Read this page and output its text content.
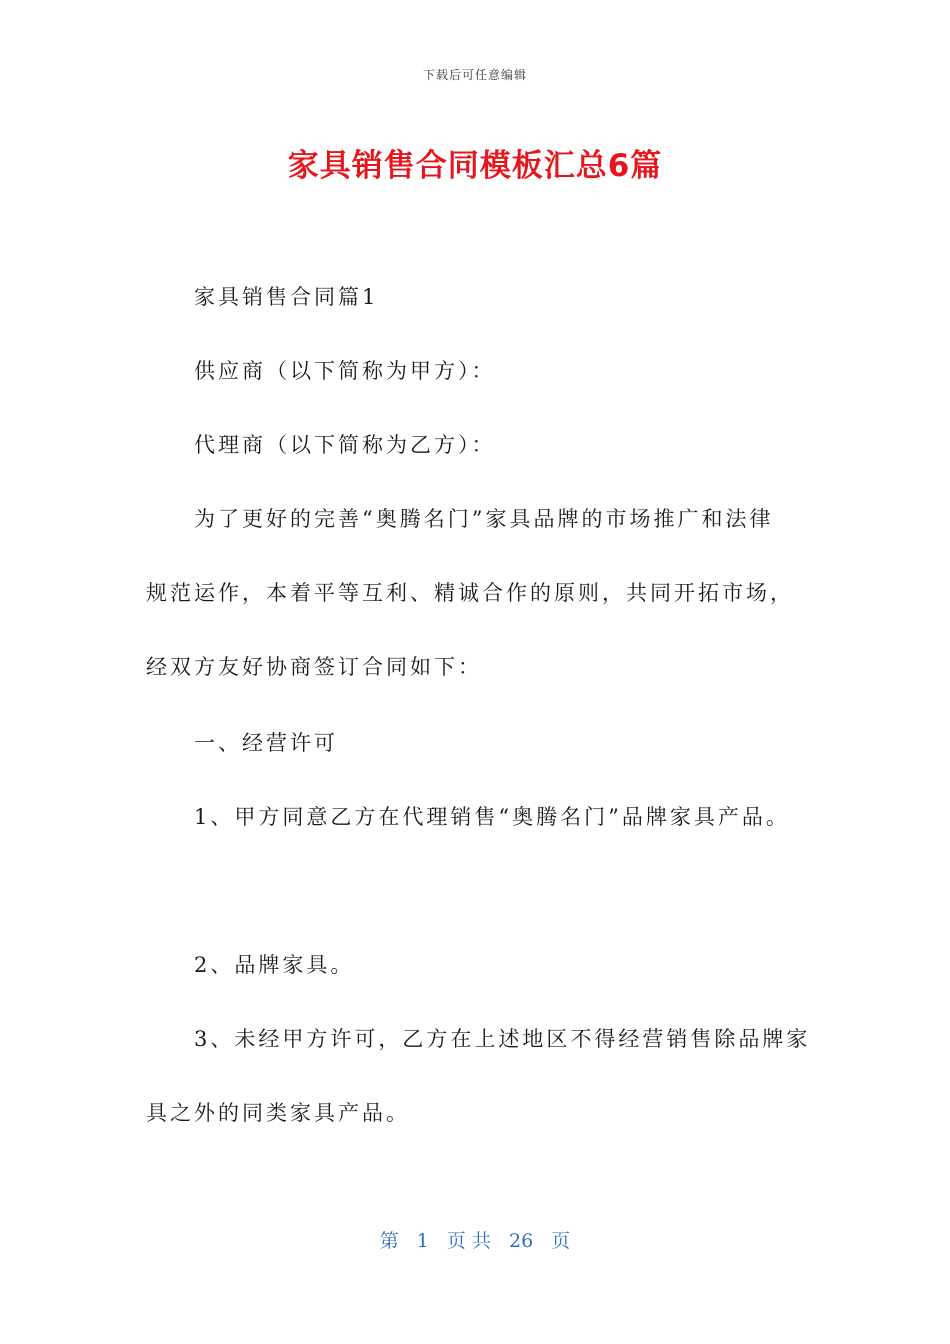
下载后可任意编辑
家具销售合同模板汇总6篇

家具销售合同篇1

供应商（以下简称为甲方）：

代理商（以下简称为乙方）：

为了更好的完善“奥腾名门”家具品牌的市场推广和法律

规范运作，本着平等互利、精诚合作的原则，共同开拓市场，

经双方友好协商签订合同如下：

一、经营许可

1、甲方同意乙方在代理销售“奥腾名门”品牌家具产品。

2、品牌家具。

3、未经甲方许可，乙方在上述地区不得经营销售除品牌家

具之外的同类家具产品。

第 1 页 共 26 页
